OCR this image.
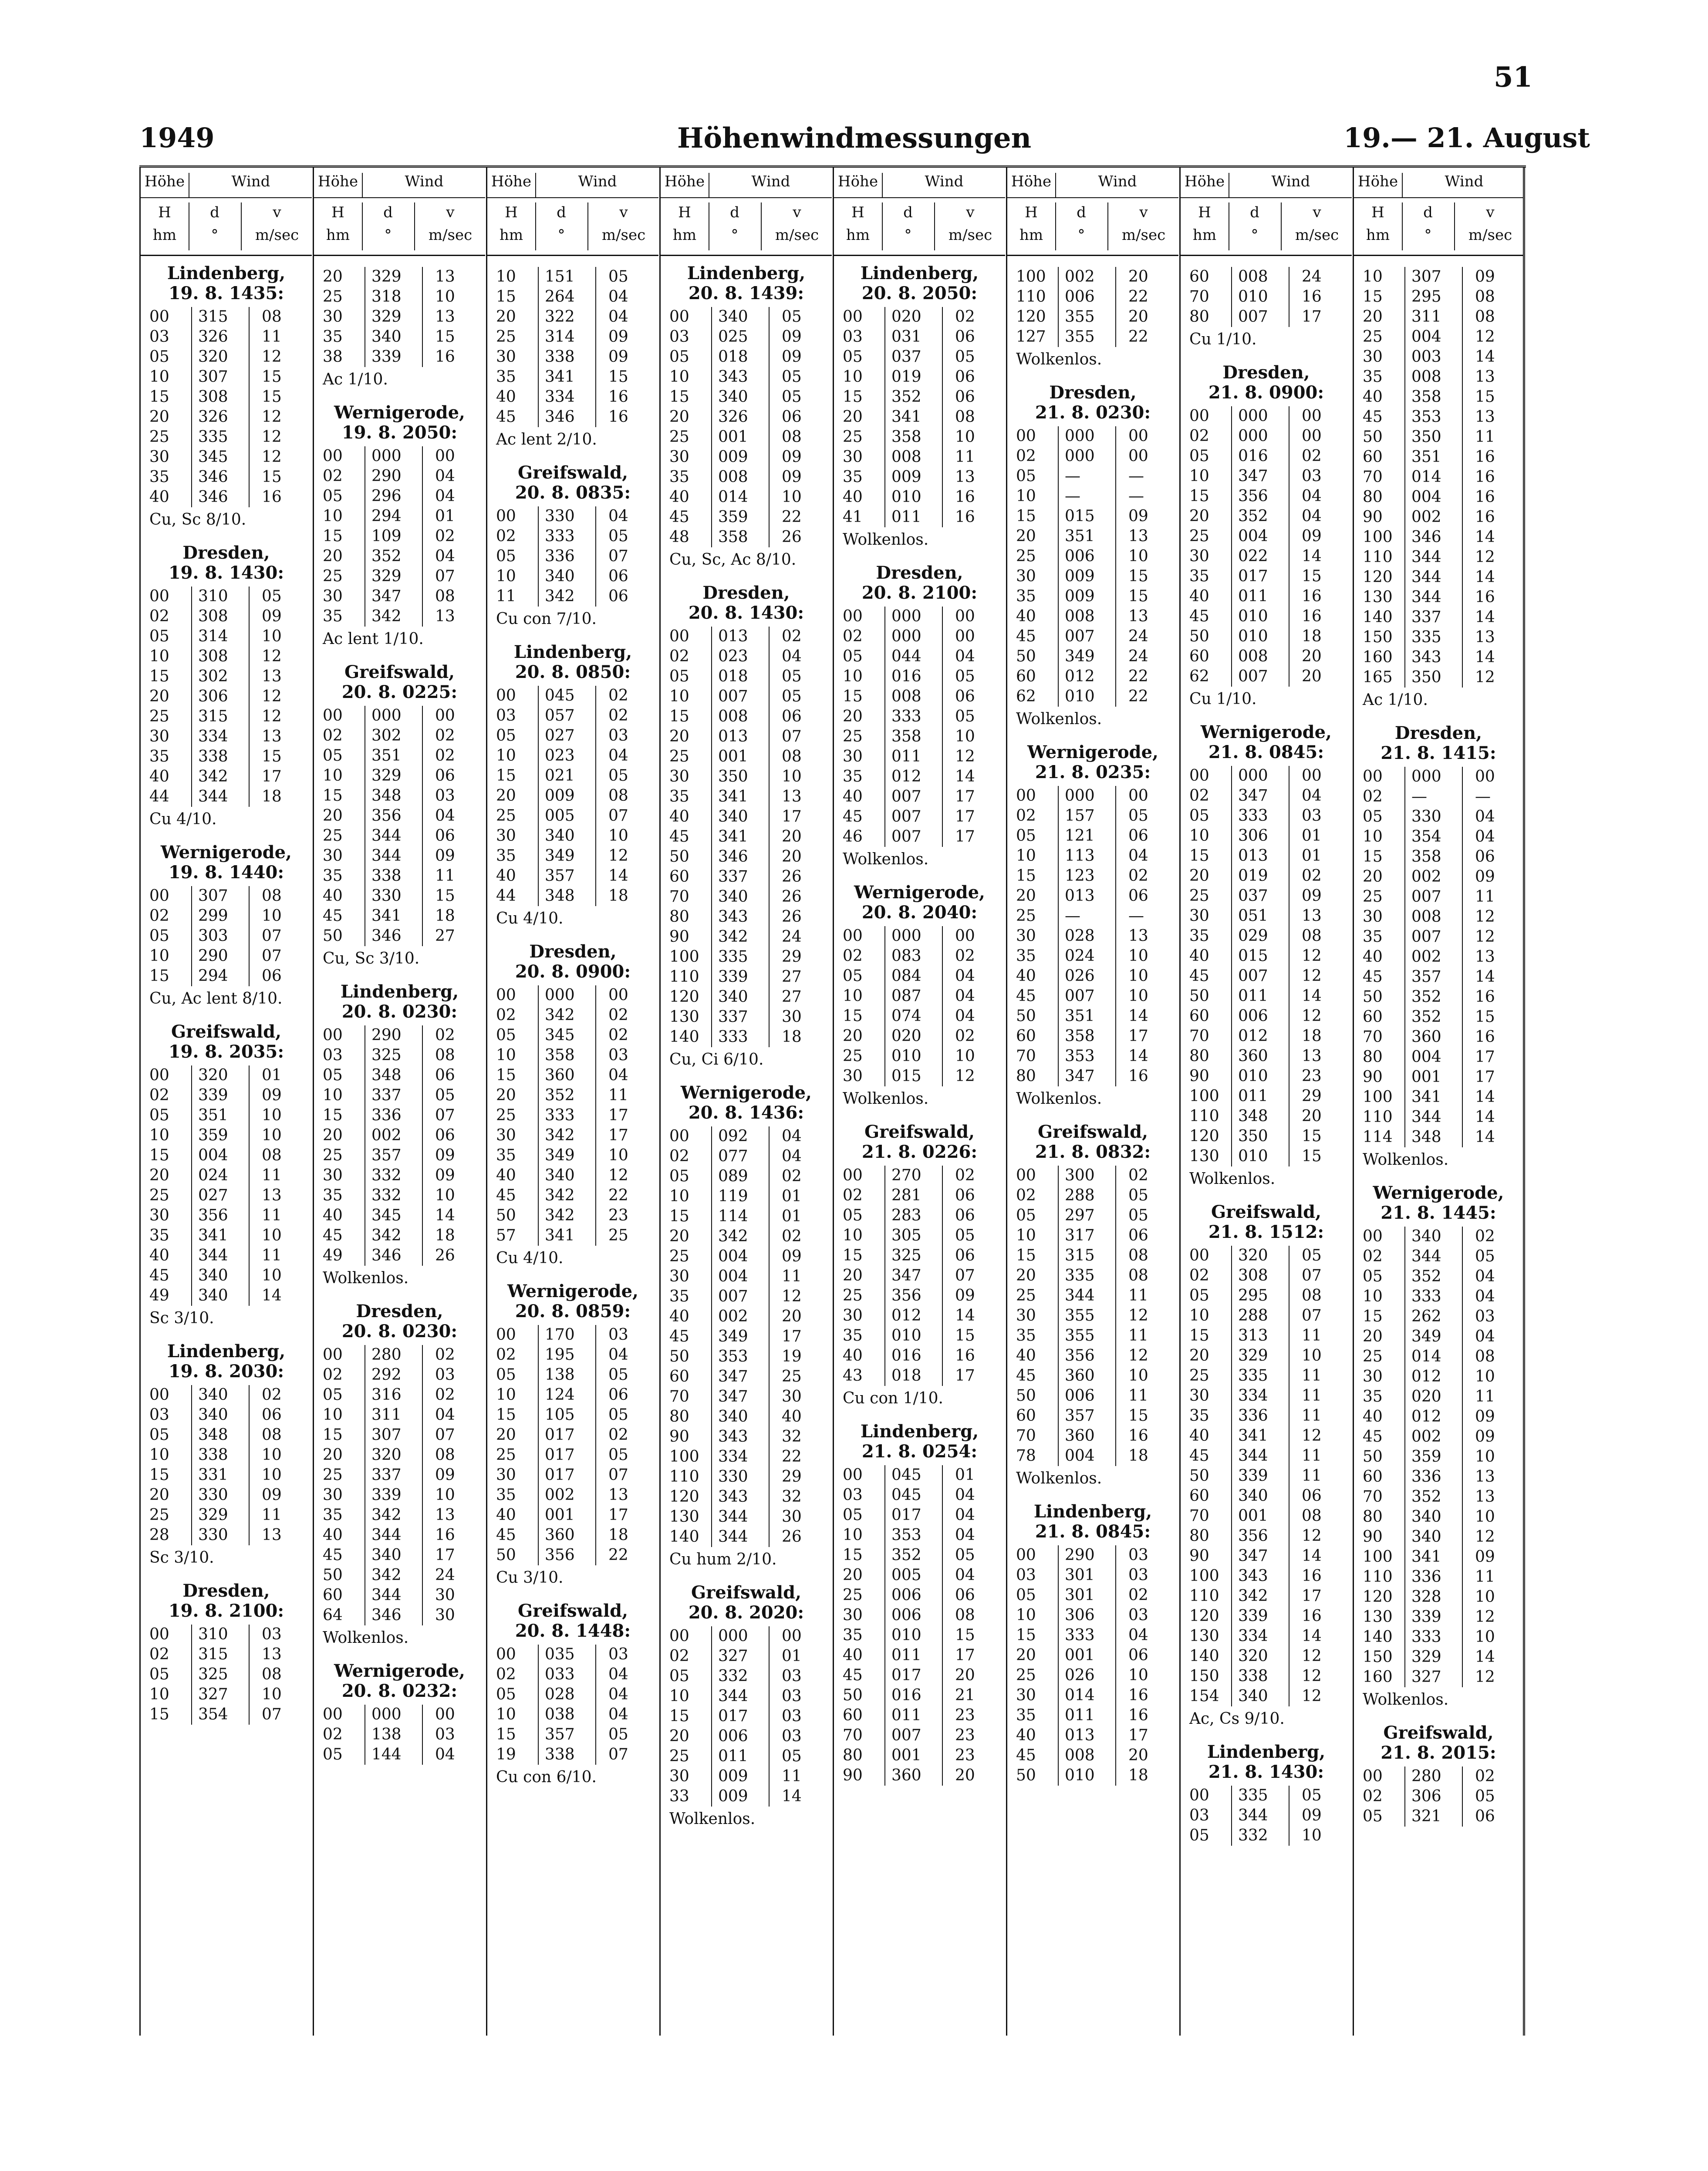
51
1949	Höhenwindmessungen	19.— 21. August
Höhe	Wind
H
hm
d
°
v
m/sec
Lindenberg,
19. 8. 1435:
00	315	08
03	326	11
05	320	12
10	307	15
15	308	15
20	326	12
25	335	12
30	345	12
35	346	15
40	346	16
Cu, Sc 8/10.
Dresden,
19. 8. 1430:
00	310	05
02	308	09
05	314	10
10	308	12
15	302	13
20	306	12
25	315	12
30	334	13
35	338	15
40	342	17
44	344	18
Cu 4/10.
Wernigerode,
19. 8. 1440:
00	307	08
02	299	10
05	303	07
10	290	07
15	294	06
Cu, Ac lent 8/10.
Greifswald,
19. 8. 2035:
00	320	01
02	339	09
05	351	10
10	359	10
15	004	08
20	024	11
25	027	13
30	356	11
35	341	10
40	344	11
45	340	10
49	340	14
Sc 3/10.
Lindenberg,
19. 8. 2030:
00	340	02
03	340	06
05	348	08
10	338	10
15	331	10
20	330	09
25	329	11
28	330	13
Sc 3/10.
Dresden,
19. 8. 2100:
00	310	03
02	315	13
05	325	08
10	327	10
15	354	07
Höhe	Wind
H
hm
d
°
v
m/sec
20	329	13
25	318	10
30	329	13
35	340	15
38	339	16
Ac 1/10.
Wernigerode,
19. 8. 2050:
00	000	00
02	290	04
05	296	04
10	294	01
15	109	02
20	352	04
25	329	07
30	347	08
35	342	13
Ac lent 1/10.
Greifswald,
20. 8. 0225:
00	000	00
02	302	02
05	351	02
10	329	06
15	348	03
20	356	04
25	344	06
30	344	09
35	338	11
40	330	15
45	341	18
50	346	27
Cu, Sc 3/10.
Lindenberg,
20. 8. 0230:
00	290	02
03	325	08
05	348	06
10	337	05
15	336	07
20	002	06
25	357	09
30	332	09
35	332	10
40	345	14
45	342	18
49	346	26
Wolkenlos.
Dresden,
20. 8. 0230:
00	280	02
02	292	03
05	316	02
10	311	04
15	307	07
20	320	08
25	337	09
30	339	10
35	342	13
40	344	16
45	340	17
50	342	24
60	344	30
64	346	30
Wolkenlos.
Wernigerode,
20. 8. 0232:
00	000	00
02	138	03
05	144	04
Höhe	Wind
H
hm
d
°
v
m/sec
10	151	05
15	264	04
20	322	04
25	314	09
30	338	09
35	341	15
40	334	16
45	346	16
Ac lent 2/10.
Greifswald,
20. 8. 0835:
00	330	04
02	333	05
05	336	07
10	340	06
11	342	06
Cu con 7/10.
Lindenberg,
20. 8. 0850:
00	045	02
03	057	02
05	027	03
10	023	04
15	021	05
20	009	08
25	005	07
30	340	10
35	349	12
40	357	14
44	348	18
Cu 4/10.
Dresden,
20. 8. 0900:
00	000	00
02	342	02
05	345	02
10	358	03
15	360	04
20	352	11
25	333	17
30	342	17
35	349	10
40	340	12
45	342	22
50	342	23
57	341	25
Cu 4/10.
Wernigerode,
20. 8. 0859:
00	170	03
02	195	04
05	138	05
10	124	06
15	105	05
20	017	02
25	017	05
30	017	07
35	002	13
40	001	17
45	360	18
50	356	22
Cu 3/10.
Greifswald,
20. 8. 1448:
00	035	03
02	033	04
05	028	04
10	038	04
15	357	05
19	338	07
Cu con 6/10.
Höhe	Wind
H
hm
d
°
v
m/sec
Lindenberg,
20. 8. 1439:
00	340	05
03	025	09
05	018	09
10	343	05
15	340	05
20	326	06
25	001	08
30	009	09
35	008	09
40	014	10
45	359	22
48	358	26
Cu, Sc, Ac 8/10.
Dresden,
20. 8. 1430:
00	013	02
02	023	04
05	018	05
10	007	05
15	008	06
20	013	07
25	001	08
30	350	10
35	341	13
40	340	17
45	341	20
50	346	20
60	337	26
70	340	26
80	343	26
90	342	24
100	335	29
110	339	27
120	340	27
130	337	30
140	333	18
Cu, Ci 6/10.
Wernigerode,
20. 8. 1436:
00	092	04
02	077	04
05	089	02
10	119	01
15	114	01
20	342	02
25	004	09
30	004	11
35	007	12
40	002	20
45	349	17
50	353	19
60	347	25
70	347	30
80	340	40
90	343	32
100	334	22
110	330	29
120	343	32
130	344	30
140	344	26
Cu hum 2/10.
Greifswald,
20. 8. 2020:
00	000	00
02	327	01
05	332	03
10	344	03
15	017	03
20	006	03
25	011	05
30	009	11
33	009	14
Wolkenlos.
Höhe	Wind
H
hm
d
°
v
m/sec
Lindenberg,
20. 8. 2050:
00	020	02
03	031	06
05	037	05
10	019	06
15	352	06
20	341	08
25	358	10
30	008	11
35	009	13
40	010	16
41	011	16
Wolkenlos.
Dresden,
20. 8. 2100:
00	000	00
02	000	00
05	044	04
10	016	05
15	008	06
20	333	05
25	358	10
30	011	12
35	012	14
40	007	17
45	007	17
46	007	17
Wolkenlos.
Wernigerode,
20. 8. 2040:
00	000	00
02	083	02
05	084	04
10	087	04
15	074	04
20	020	02
25	010	10
30	015	12
Wolkenlos.
Greifswald,
21. 8. 0226:
00	270	02
02	281	06
05	283	06
10	305	05
15	325	06
20	347	07
25	356	09
30	012	14
35	010	15
40	016	16
43	018	17
Cu con 1/10.
Lindenberg,
21. 8. 0254:
00	045	01
03	045	04
05	017	04
10	353	04
15	352	05
20	005	04
25	006	06
30	006	08
35	010	15
40	011	17
45	017	20
50	016	21
60	011	23
70	007	23
80	001	23
90	360	20
Höhe	Wind
H
hm
d
°
v
m/sec
100	002	20
110	006	22
120	355	20
127	355	22
Wolkenlos.
Dresden,
21. 8. 0230:
00	000	00
02	000	00
05	—	—
10	—	—
15	015	09
20	351	13
25	006	10
30	009	15
35	009	15
40	008	13
45	007	24
50	349	24
60	012	22
62	010	22
Wolkenlos.
Wernigerode,
21. 8. 0235:
00	000	00
02	157	05
05	121	06
10	113	04
15	123	02
20	013	06
25	—	—
30	028	13
35	024	10
40	026	10
45	007	10
50	351	14
60	358	17
70	353	14
80	347	16
Wolkenlos.
Greifswald,
21. 8. 0832:
00	300	02
02	288	05
05	297	05
10	317	06
15	315	08
20	335	08
25	344	11
30	355	12
35	355	11
40	356	12
45	360	10
50	006	11
60	357	15
70	360	16
78	004	18
Wolkenlos.
Lindenberg,
21. 8. 0845:
00	290	03
03	301	03
05	301	02
10	306	03
15	333	04
20	001	06
25	026	10
30	014	16
35	011	16
40	013	17
45	008	20
50	010	18
Höhe	Wind
H
hm
d
°
v
m/sec
60	008	24
70	010	16
80	007	17
Cu 1/10.
Dresden,
21. 8. 0900:
00	000	00
02	000	00
05	016	02
10	347	03
15	356	04
20	352	04
25	004	09
30	022	14
35	017	15
40	011	16
45	010	16
50	010	18
60	008	20
62	007	20
Cu 1/10.
Wernigerode,
21. 8. 0845:
00	000	00
02	347	04
05	333	03
10	306	01
15	013	01
20	019	02
25	037	09
30	051	13
35	029	08
40	015	12
45	007	12
50	011	14
60	006	12
70	012	18
80	360	13
90	010	23
100	011	29
110	348	20
120	350	15
130	010	15
Wolkenlos.
Greifswald,
21. 8. 1512:
00	320	05
02	308	07
05	295	08
10	288	07
15	313	11
20	329	10
25	335	11
30	334	11
35	336	11
40	341	12
45	344	11
50	339	11
60	340	06
70	001	08
80	356	12
90	347	14
100	343	16
110	342	17
120	339	16
130	334	14
140	320	12
150	338	12
154	340	12
Ac, Cs 9/10.
Lindenberg,
21. 8. 1430:
00	335	05
03	344	09
05	332	10
Höhe	Wind
H
hm
d
°
v
m/sec
10	307	09
15	295	08
20	311	08
25	004	12
30	003	14
35	008	13
40	358	15
45	353	13
50	350	11
60	351	16
70	014	16
80	004	16
90	002	16
100	346	14
110	344	12
120	344	14
130	344	16
140	337	14
150	335	13
160	343	14
165	350	12
Ac 1/10.
Dresden,
21. 8. 1415:
00	000	00
02	—	—
05	330	04
10	354	04
15	358	06
20	002	09
25	007	11
30	008	12
35	007	12
40	002	13
45	357	14
50	352	16
60	352	15
70	360	16
80	004	17
90	001	17
100	341	14
110	344	14
114	348	14
Wolkenlos.
Wernigerode,
21. 8. 1445:
00	340	02
02	344	05
05	352	04
10	333	04
15	262	03
20	349	04
25	014	08
30	012	10
35	020	11
40	012	09
45	002	09
50	359	10
60	336	13
70	352	13
80	340	10
90	340	12
100	341	09
110	336	11
120	328	10
130	339	12
140	333	10
150	329	14
160	327	12
Wolkenlos.
Greifswald,
21. 8. 2015:
00	280	02
02	306	05
05	321	06
